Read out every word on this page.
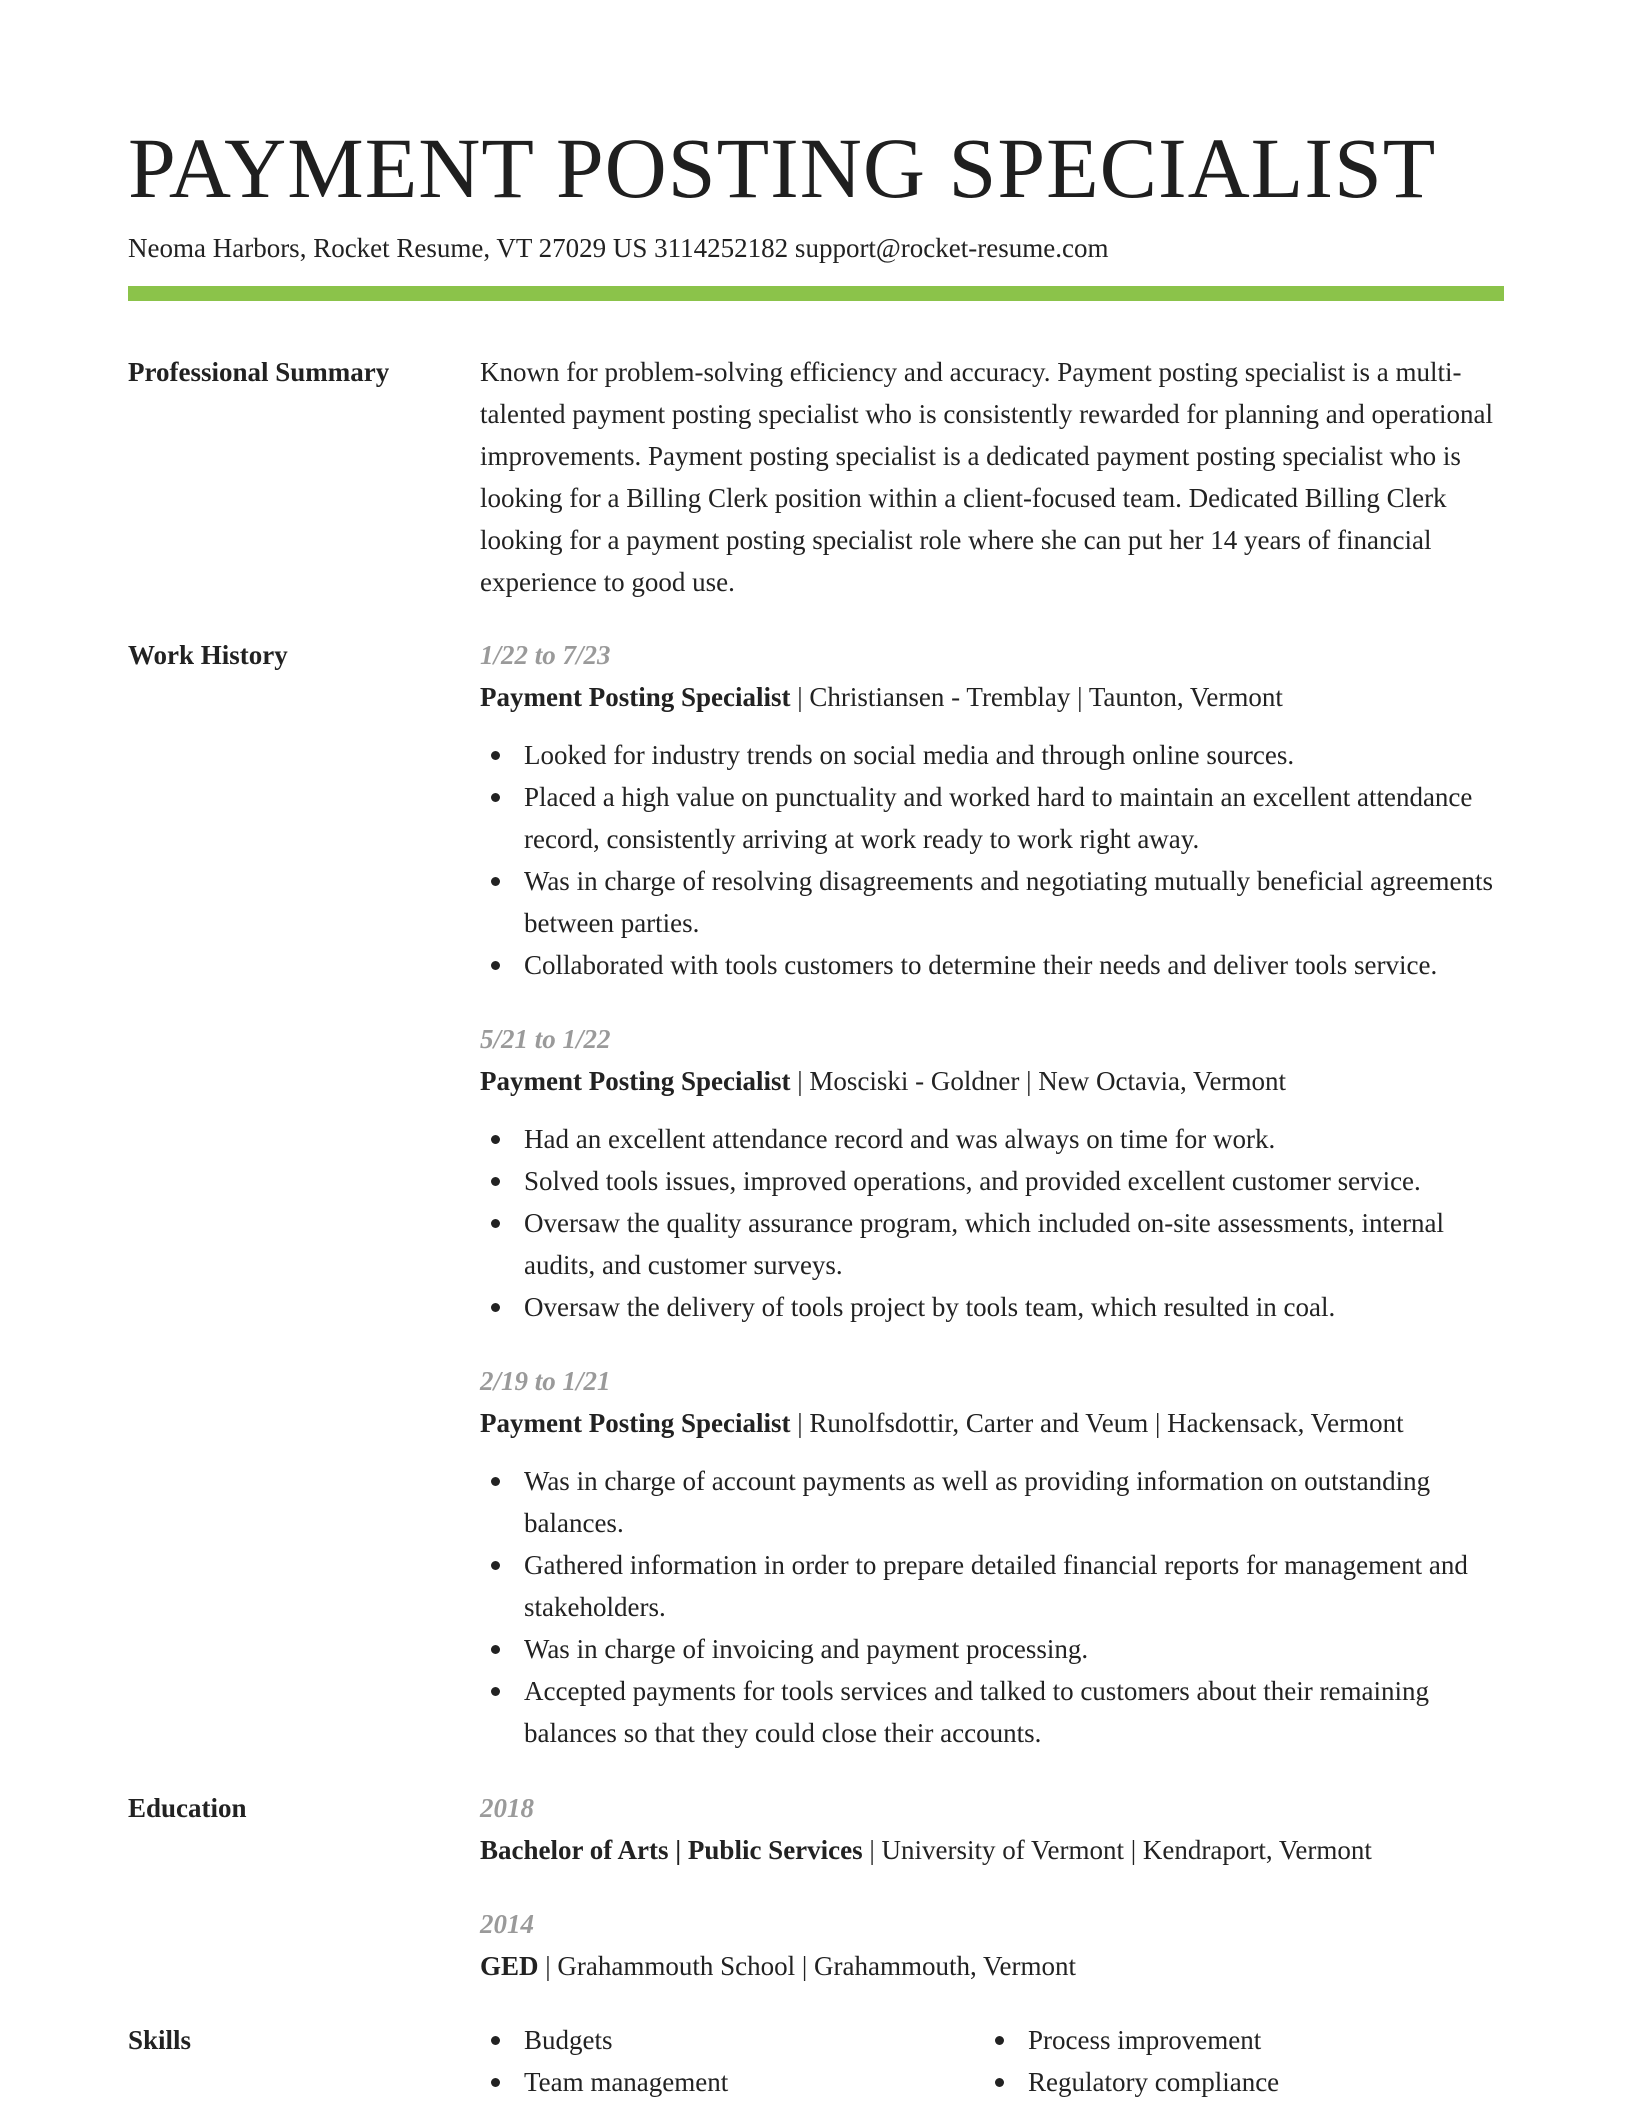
PAYMENT POSTING SPECIALIST
Neoma Harbors, Rocket Resume, VT 27029 US 3114252182 support@rocket-resume.com
Professional Summary	Known for problem-solving efficiency and accuracy. Payment posting specialist is a multi-talented payment posting specialist who is consistently rewarded for planning and operational improvements. Payment posting specialist is a dedicated payment posting specialist who is looking for a Billing Clerk position within a client-focused team. Dedicated Billing Clerk looking for a payment posting specialist role where she can put her 14 years of financial experience to good use.

Work History	1/22 to 7/23
Payment Posting Specialist | Christiansen - Tremblay | Taunton, Vermont
Looked for industry trends on social media and through online sources.
Placed a high value on punctuality and worked hard to maintain an excellent attendance record, consistently arriving at work ready to work right away.
Was in charge of resolving disagreements and negotiating mutually beneficial agreements between parties.
Collaborated with tools customers to determine their needs and deliver tools service.
5/21 to 1/22
Payment Posting Specialist | Mosciski - Goldner | New Octavia, Vermont
Had an excellent attendance record and was always on time for work.
Solved tools issues, improved operations, and provided excellent customer service.
Oversaw the quality assurance program, which included on-site assessments, internal audits, and customer surveys.
Oversaw the delivery of tools project by tools team, which resulted in coal.
2/19 to 1/21
Payment Posting Specialist | Runolfsdottir, Carter and Veum | Hackensack, Vermont
Was in charge of account payments as well as providing information on outstanding balances.
Gathered information in order to prepare detailed financial reports for management and stakeholders.
Was in charge of invoicing and payment processing.
Accepted payments for tools services and talked to customers about their remaining balances so that they could close their accounts.
Education	2018
Bachelor of Arts | Public Services | University of Vermont | Kendraport, Vermont
2014
GED | Grahammouth School | Grahammouth, Vermont
Skills	Budgets
Team management
Process improvement
Regulatory compliance
